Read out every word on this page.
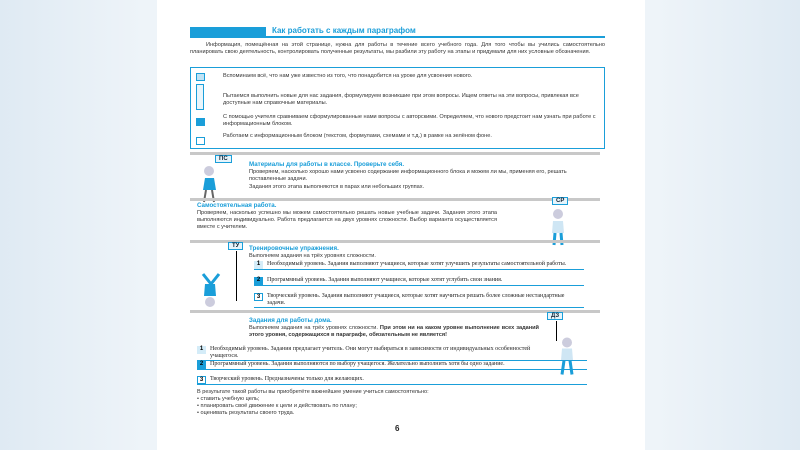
Как работать с каждым параграфом
Информация, помещённая на этой странице, нужна для работы в течение всего учебного года. Для того чтобы вы учились самостоятельно планировать свою деятельность, контролировать полученные результаты, мы разбили эту работу на этапы и придумали для них условные обозначения.
Вспоминаем всё, что нам уже известно из того, что понадобится на уроке для усвоения нового.
Пытаемся выполнить новые для нас задания, формулируем возникшие при этом вопросы. Ищем ответы на эти вопросы, привлекая все доступные нам справочные материалы.
С помощью учителя сравниваем сформулированные нами вопросы с авторскими. Определяем, что нового предстоит нам узнать при работе с информационным блоком.
Работаем с информационным блоком (текстом, формулами, схемами и т.д.) в рамке на зелёном фоне.
ПС
Материалы для работы в классе. Проверьте себя.
Проверяем, насколько хорошо нами усвоено содержание информационного блока и можем ли мы, применяя его, решать поставленные задачи.
Задания этого этапа выполняются в парах или небольших группах.
Самостоятельная работа.
Проверяем, насколько успешно мы можем самостоятельно решать новые учебные задачи. Задания этого этапа выполняются индивидуально. Работа предлагается на двух уровнях сложности. Выбор варианта осуществляется вместе с учителем.
СР
ТУ	Тренировочные упражнения.
Выполняем задания на трёх уровнях сложности.
1	Необходимый уровень. Задания выполняют учащиеся, которые хотят улучшить результаты самостоятельной работы.
2	Программный уровень. Задания выполняют учащиеся, которые хотят углубить свои знания.
3	Творческий уровень. Задания выполняют учащиеся, которые хотят научиться решать более сложные нестандартные задачи.
Задания для работы дома.
Выполняем задания на трёх уровнях сложности. При этом ни на каком уровне выполнение всех заданий этого уровня, содержащихся в параграфе, обязательным не является!
ДЗ
1	Необходимый уровень. Задания предлагает учитель. Они могут выбираться в зависимости от индивидуальных особенностей учащегося.
2	Программный уровень. Задания выполняются по выбору учащегося. Желательно выполнить хотя бы одно задание.
3	Творческий уровень. Предназначены только для желающих.
В результате такой работы вы приобретёте важнейшее умение учиться самостоятельно:
• ставить учебную цель;
• планировать своё движение к цели и действовать по плану;
• оценивать результаты своего труда.
6
